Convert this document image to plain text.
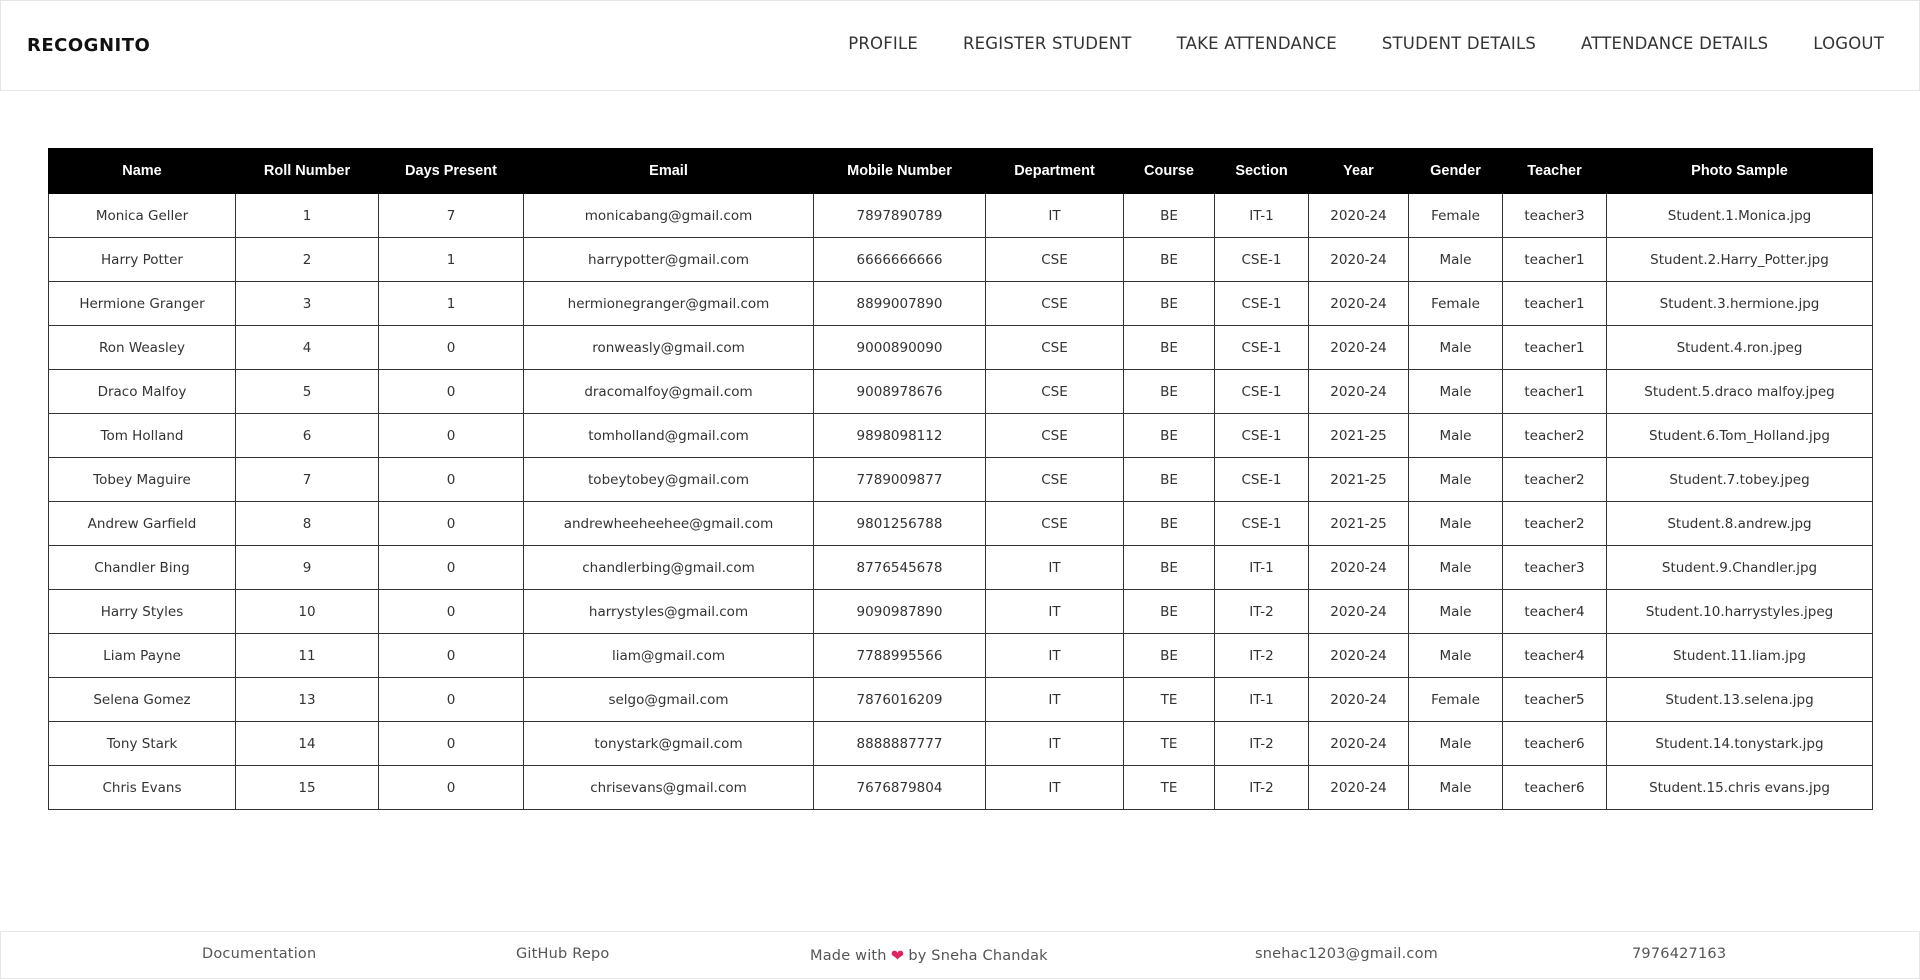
RECOGNITO	PROFILE	REGISTER STUDENT	TAKE ATTENDANCE	STUDENT DETAILS	ATTENDANCE DETAILS	LOGOUT
Name	Roll Number	Days Present	Email	Mobile Number	Department	Course	Section	Year	Gender	Teacher	Photo Sample
Monica Geller	1	7	monicabang@gmail.com	7897890789	IT	BE	IT-1	2020-24	Female	teacher3	Student.1.Monica.jpg
Harry Potter	2	1	harrypotter@gmail.com	6666666666	CSE	BE	CSE-1	2020-24	Male	teacher1	Student.2.Harry_Potter.jpg
Hermione Granger	3	1	hermionegranger@gmail.com	8899007890	CSE	BE	CSE-1	2020-24	Female	teacher1	Student.3.hermione.jpg
Ron Weasley	4	0	ronweasly@gmail.com	9000890090	CSE	BE	CSE-1	2020-24	Male	teacher1	Student.4.ron.jpeg
Draco Malfoy	5	0	dracomalfoy@gmail.com	9008978676	CSE	BE	CSE-1	2020-24	Male	teacher1	Student.5.draco malfoy.jpeg
Tom Holland	6	0	tomholland@gmail.com	9898098112	CSE	BE	CSE-1	2021-25	Male	teacher2	Student.6.Tom_Holland.jpg
Tobey Maguire	7	0	tobeytobey@gmail.com	7789009877	CSE	BE	CSE-1	2021-25	Male	teacher2	Student.7.tobey.jpeg
Andrew Garfield	8	0	andrewheeheehee@gmail.com	9801256788	CSE	BE	CSE-1	2021-25	Male	teacher2	Student.8.andrew.jpg
Chandler Bing	9	0	chandlerbing@gmail.com	8776545678	IT	BE	IT-1	2020-24	Male	teacher3	Student.9.Chandler.jpg
Harry Styles	10	0	harrystyles@gmail.com	9090987890	IT	BE	IT-2	2020-24	Male	teacher4	Student.10.harrystyles.jpeg
Liam Payne	11	0	liam@gmail.com	7788995566	IT	BE	IT-2	2020-24	Male	teacher4	Student.11.liam.jpg
Selena Gomez	13	0	selgo@gmail.com	7876016209	IT	TE	IT-1	2020-24	Female	teacher5	Student.13.selena.jpg
Tony Stark	14	0	tonystark@gmail.com	8888887777	IT	TE	IT-2	2020-24	Male	teacher6	Student.14.tonystark.jpg
Chris Evans	15	0	chrisevans@gmail.com	7676879804	IT	TE	IT-2	2020-24	Male	teacher6	Student.15.chris evans.jpg
Documentation	GitHub Repo	Made with ❤ by Sneha Chandak	snehac1203@gmail.com	7976427163
